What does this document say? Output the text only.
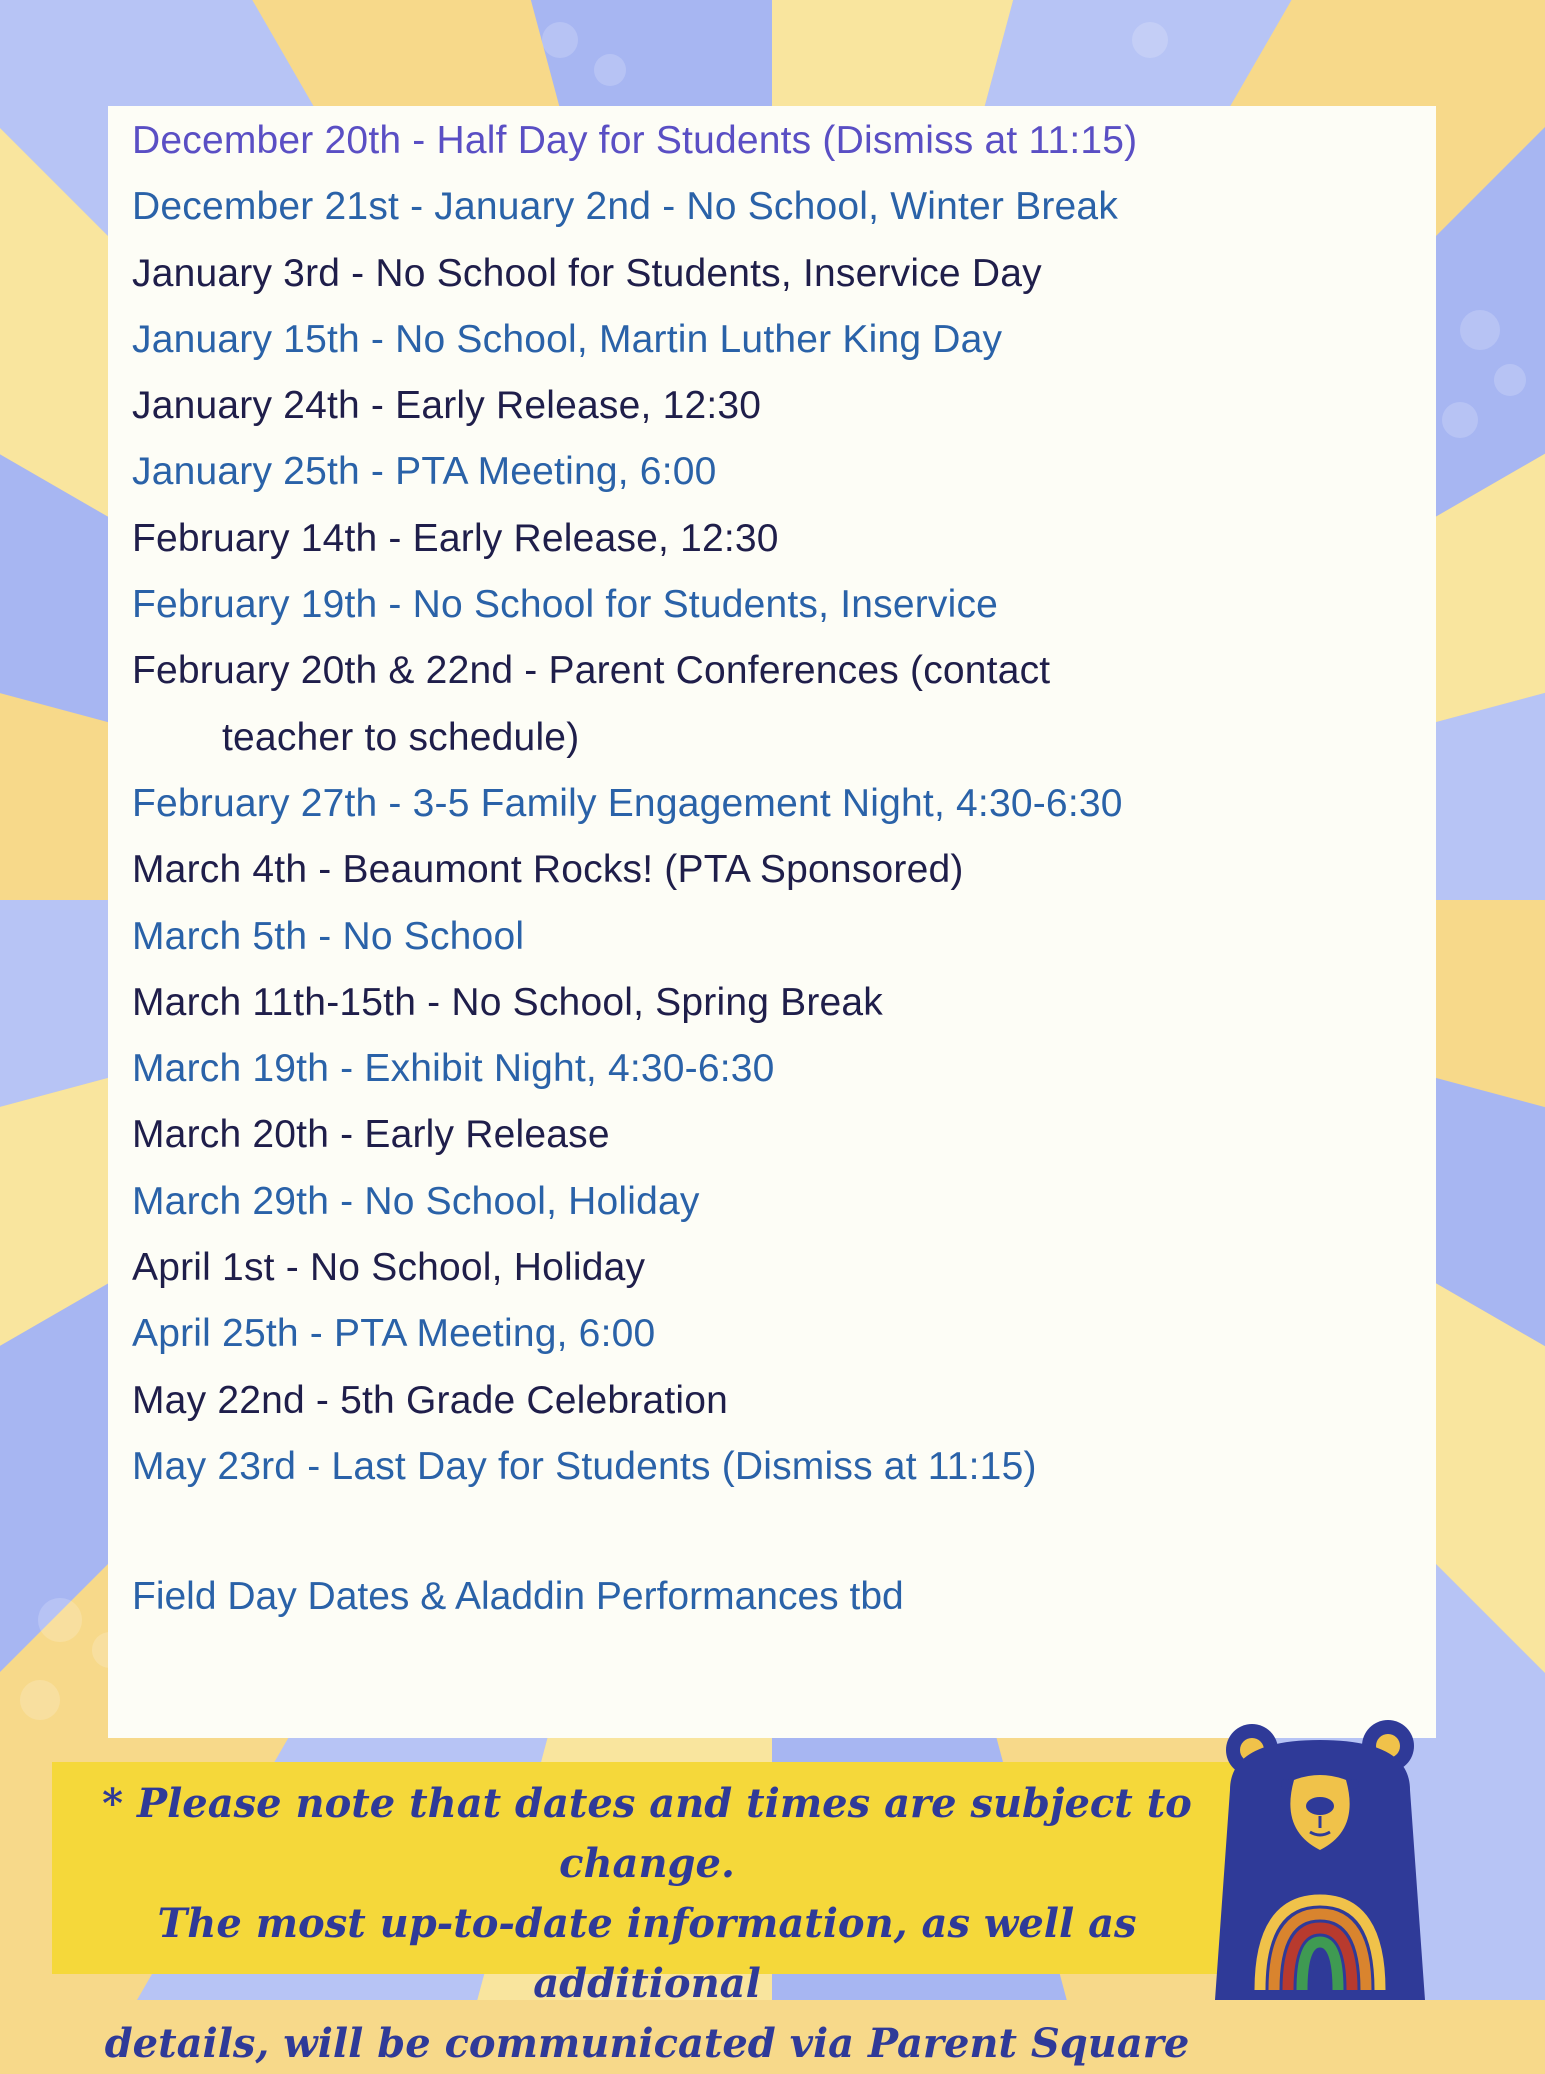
December 20th - Half Day for Students (Dismiss at 11:15)
December 21st - January 2nd - No School, Winter Break
January 3rd - No School for Students, Inservice Day
January 15th - No School, Martin Luther King Day
January 24th - Early Release, 12:30
January 25th - PTA Meeting, 6:00
February 14th - Early Release, 12:30
February 19th - No School for Students, Inservice
February 20th & 22nd - Parent Conferences (contact
teacher to schedule)
February 27th - 3-5 Family Engagement Night, 4:30-6:30
March 4th - Beaumont Rocks! (PTA Sponsored)
March 5th - No School
March 11th-15th - No School, Spring Break
March 19th - Exhibit Night, 4:30-6:30
March 20th - Early Release
March 29th - No School, Holiday
April 1st - No School, Holiday
April 25th - PTA Meeting, 6:00
May 22nd - 5th Grade Celebration
May 23rd - Last Day for Students (Dismiss at 11:15)
Field Day Dates & Aladdin Performances tbd
* Please note that dates and times are subject to change.
The most up-to-date information, as well as additional
details, will be communicated via Parent Square
